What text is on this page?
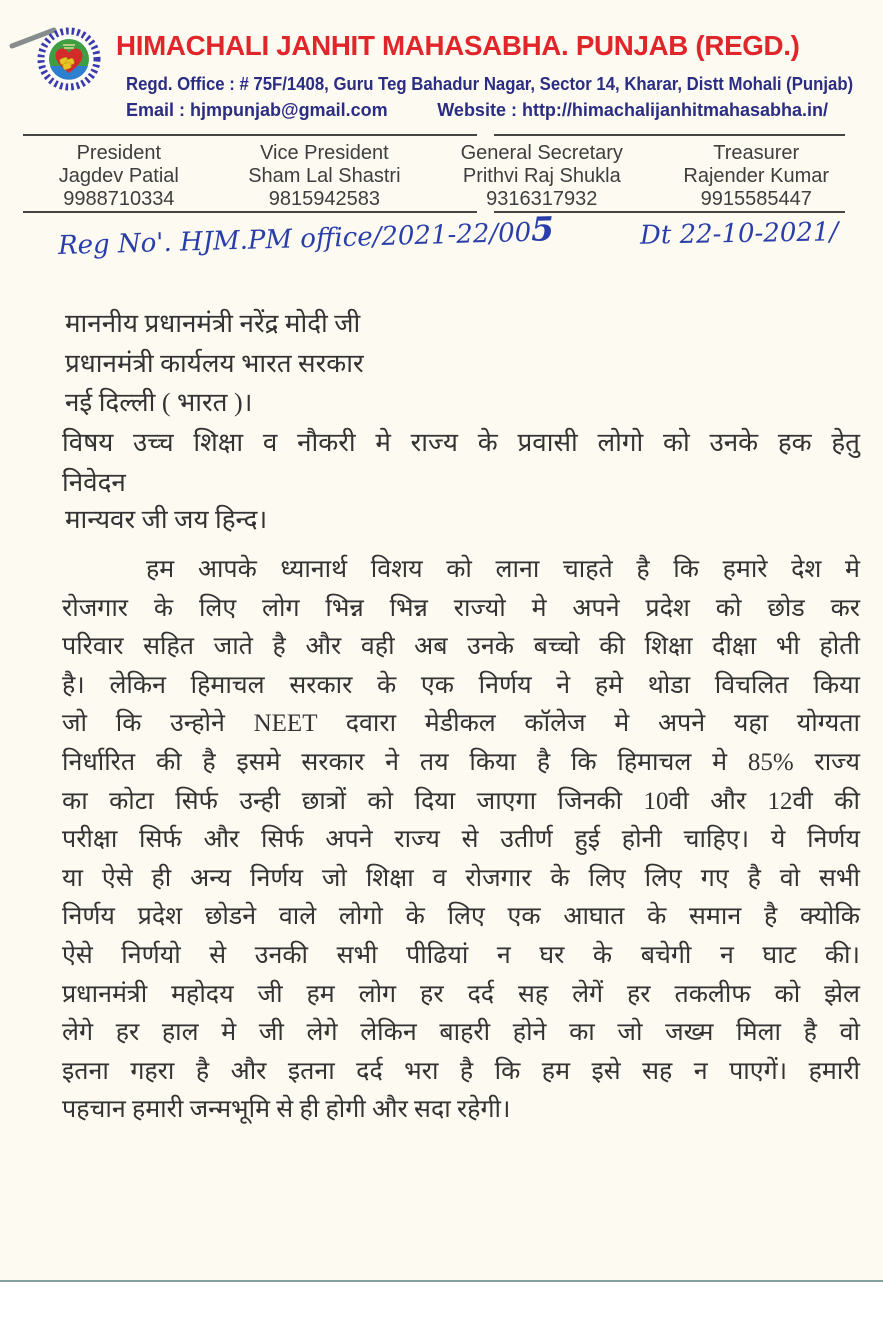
HIMACHALI JANHIT MAHASABHA. PUNJAB (REGD.)
Regd. Office : # 75F/1408, Guru Teg Bahadur Nagar, Sector 14, Kharar, Distt Mohali (Punjab)
Email : hjmpunjab@gmail.com	Website : http://himachalijanhitmahasabha.in/
President
Jagdev Patial
9988710334
Vice President
Sham Lal Shastri
9815942583
General Secretary
Prithvi Raj Shukla
9316317932
Treasurer
Rajender Kumar
9915585447
Reg No'. HJM.PM office/2021-22/005	Dt 22-10-2021/
माननीय प्रधानमंत्री नरेंद्र मोदी जी
प्रधानमंत्री कार्यलय भारत सरकार
नई दिल्ली ( भारत )।
विषय उच्च शिक्षा व नौकरी मे राज्य के प्रवासी लोगो को उनके हक हेतु
निवेदन
मान्यवर जी जय हिन्द।
हम आपके ध्यानार्थ विशय को लाना चाहते है कि हमारे देश मे
रोजगार के लिए लोग भिन्न भिन्न राज्यो मे अपने प्रदेश को छोड कर
परिवार सहित जाते है और वही अब उनके बच्चो की शिक्षा दीक्षा भी होती
है। लेकिन हिमाचल सरकार के एक निर्णय ने हमे थोडा विचलित किया
जो कि उन्होने NEET दवारा मेडीकल कॉलेज मे अपने यहा योग्यता
निर्धारित की है इसमे सरकार ने तय किया है कि हिमाचल मे 85% राज्य
का कोटा सिर्फ उन्ही छात्रों को दिया जाएगा जिनकी 10वी और 12वी की
परीक्षा सिर्फ और सिर्फ अपने राज्य से उतीर्ण हुई होनी चाहिए। ये निर्णय
या ऐसे ही अन्य निर्णय जो शिक्षा व रोजगार के लिए लिए गए है वो सभी
निर्णय प्रदेश छोडने वाले लोगो के लिए एक आघात के समान है क्योकि
ऐसे निर्णयो से उनकी सभी पीढियां न घर के बचेगी न घाट की।
प्रधानमंत्री महोदय जी हम लोग हर दर्द सह लेगें हर तकलीफ को झेल
लेगे हर हाल मे जी लेगे लेकिन बाहरी होने का जो जख्म मिला है वो
इतना गहरा है और इतना दर्द भरा है कि हम इसे सह न पाएगें। हमारी
पहचान हमारी जन्मभूमि से ही होगी और सदा रहेगी।
